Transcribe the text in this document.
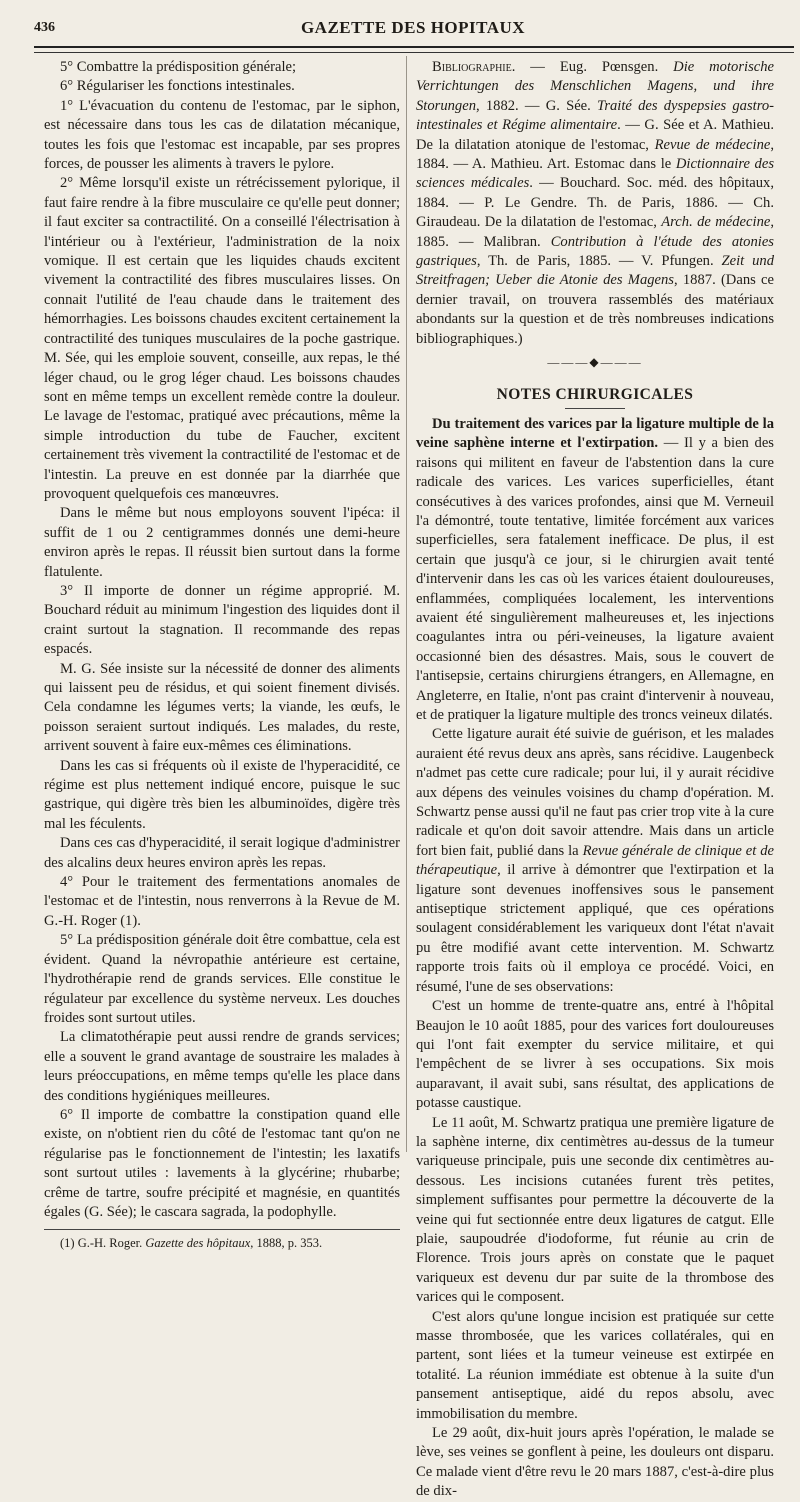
436	GAZETTE DES HOPITAUX

5° Combattre la prédisposition générale;

6° Régulariser les fonctions intestinales.

1° L'évacuation du contenu de l'estomac, par le siphon, est nécessaire dans tous les cas de dilatation mécanique, toutes les fois que l'estomac est incapable, par ses propres forces, de pousser les aliments à travers le pylore.

2° Même lorsqu'il existe un rétrécissement pylorique, il faut faire rendre à la fibre musculaire ce qu'elle peut donner; il faut exciter sa contractilité. On a conseillé l'électrisation à l'intérieur ou à l'extérieur, l'administration de la noix vomique. Il est certain que les liquides chauds excitent vivement la contractilité des fibres musculaires lisses. On connait l'utilité de l'eau chaude dans le traitement des hémorrhagies. Les boissons chaudes excitent certainement la contractilité des tuniques musculaires de la poche gastrique. M. Sée, qui les emploie souvent, conseille, aux repas, le thé léger chaud, ou le grog léger chaud. Les boissons chaudes sont en même temps un excellent remède contre la douleur. Le lavage de l'estomac, pratiqué avec précautions, même la simple introduction du tube de Faucher, excitent certainement très vivement la contractilité de l'estomac et de l'intestin. La preuve en est donnée par la diarrhée que provoquent quelquefois ces manœuvres.

Dans le même but nous employons souvent l'ipéca: il suffit de 1 ou 2 centigrammes donnés une demi-heure environ après le repas. Il réussit bien surtout dans la forme flatulente.

3° Il importe de donner un régime approprié. M. Bouchard réduit au minimum l'ingestion des liquides dont il craint surtout la stagnation. Il recommande des repas espacés.

M. G. Sée insiste sur la nécessité de donner des aliments qui laissent peu de résidus, et qui soient finement divisés. Cela condamne les légumes verts; la viande, les œufs, le poisson seraient surtout indiqués. Les malades, du reste, arrivent souvent à faire eux-mêmes ces éliminations.

Dans les cas si fréquents où il existe de l'hyperacidité, ce régime est plus nettement indiqué encore, puisque le suc gastrique, qui digère très bien les albuminoïdes, digère très mal les féculents.

Dans ces cas d'hyperacidité, il serait logique d'administrer des alcalins deux heures environ après les repas.

4° Pour le traitement des fermentations anomales de l'estomac et de l'intestin, nous renverrons à la Revue de M. G.-H. Roger (1).

5° La prédisposition générale doit être combattue, cela est évident. Quand la névropathie antérieure est certaine, l'hydrothérapie rend de grands services. Elle constitue le régulateur par excellence du système nerveux. Les douches froides sont surtout utiles.

La climatothérapie peut aussi rendre de grands services; elle a souvent le grand avantage de soustraire les malades à leurs préoccupations, en même temps qu'elle les place dans des conditions hygiéniques meilleures.

6° Il importe de combattre la constipation quand elle existe, on n'obtient rien du côté de l'estomac tant qu'on ne régularise pas le fonctionnement de l'intestin; les laxatifs sont surtout utiles : lavements à la glycérine; rhubarbe; crême de tartre, soufre précipité et magnésie, en quantités égales (G. Sée); le cascara sagrada, la podophylle.

(1) G.-H. Roger. Gazette des hôpitaux, 1888, p. 353.

Bibliographie. — Eug. Pœnsgen. Die motorische Verrichtungen des Menschlichen Magens, und ihre Storungen, 1882. — G. Sée. Traité des dyspepsies gastro-intestinales et Régime alimentaire. — G. Sée et A. Mathieu. De la dilatation atonique de l'estomac, Revue de médecine, 1884. — A. Mathieu. Art. Estomac dans le Dictionnaire des sciences médicales. — Bouchard. Soc. méd. des hôpitaux, 1884. — P. Le Gendre. Th. de Paris, 1886. — Ch. Giraudeau. De la dilatation de l'estomac, Arch. de médecine, 1885. — Malibran. Contribution à l'étude des atonies gastriques, Th. de Paris, 1885. — V. Pfungen. Zeit und Streitfragen; Ueber die Atonie des Magens, 1887. (Dans ce dernier travail, on trouvera rassemblés des matériaux abondants sur la question et de très nombreuses indications bibliographiques.)

———◆———
NOTES CHIRURGICALES

Du traitement des varices par la ligature multiple de la veine saphène interne et l'extirpation. — Il y a bien des raisons qui militent en faveur de l'abstention dans la cure radicale des varices. Les varices superficielles, étant consécutives à des varices profondes, ainsi que M. Verneuil l'a démontré, toute tentative, limitée forcément aux varices superficielles, sera fatalement inefficace. De plus, il est certain que jusqu'à ce jour, si le chirurgien avait tenté d'intervenir dans les cas où les varices étaient douloureuses, enflammées, compliquées localement, les interventions avaient été singulièrement malheureuses et, les injections coagulantes intra ou péri-veineuses, la ligature avaient occasionné bien des désastres. Mais, sous le couvert de l'antisepsie, certains chirurgiens étrangers, en Allemagne, en Angleterre, en Italie, n'ont pas craint d'intervenir à nouveau, et de pratiquer la ligature multiple des troncs veineux dilatés.

Cette ligature aurait été suivie de guérison, et les malades auraient été revus deux ans après, sans récidive. Laugenbeck n'admet pas cette cure radicale; pour lui, il y aurait récidive aux dépens des veinules voisines du champ d'opération. M. Schwartz pense aussi qu'il ne faut pas crier trop vite à la cure radicale et qu'on doit savoir attendre. Mais dans un article fort bien fait, publié dans la Revue générale de clinique et de thérapeutique, il arrive à démontrer que l'extirpation et la ligature sont devenues inoffensives sous le pansement antiseptique strictement appliqué, que ces opérations soulagent considérablement les variqueux dont l'état n'avait pu être modifié avant cette intervention. M. Schwartz rapporte trois faits où il employa ce procédé. Voici, en résumé, l'une de ses observations:

C'est un homme de trente-quatre ans, entré à l'hôpital Beaujon le 10 août 1885, pour des varices fort douloureuses qui l'ont fait exempter du service militaire, et qui l'empêchent de se livrer à ses occupations. Six mois auparavant, il avait subi, sans résultat, des applications de potasse caustique.

Le 11 août, M. Schwartz pratiqua une première ligature de la saphène interne, dix centimètres au-dessus de la tumeur variqueuse principale, puis une seconde dix centimètres au-dessous. Les incisions cutanées furent très petites, simplement suffisantes pour permettre la découverte de la veine qui fut sectionnée entre deux ligatures de catgut. Elle plaie, saupoudrée d'iodoforme, fut réunie au crin de Florence. Trois jours après on constate que le paquet variqueux est devenu dur par suite de la thrombose des varices qui le composent.

C'est alors qu'une longue incision est pratiquée sur cette masse thrombosée, que les varices collatérales, qui en partent, sont liées et la tumeur veineuse est extirpée en totalité. La réunion immédiate est obtenue à la suite d'un pansement antiseptique, aidé du repos absolu, avec immobilisation du membre.

Le 29 août, dix-huit jours après l'opération, le malade se lève, ses veines se gonflent à peine, les douleurs ont disparu. Ce malade vient d'être revu le 20 mars 1887, c'est-à-dire plus de dix-
